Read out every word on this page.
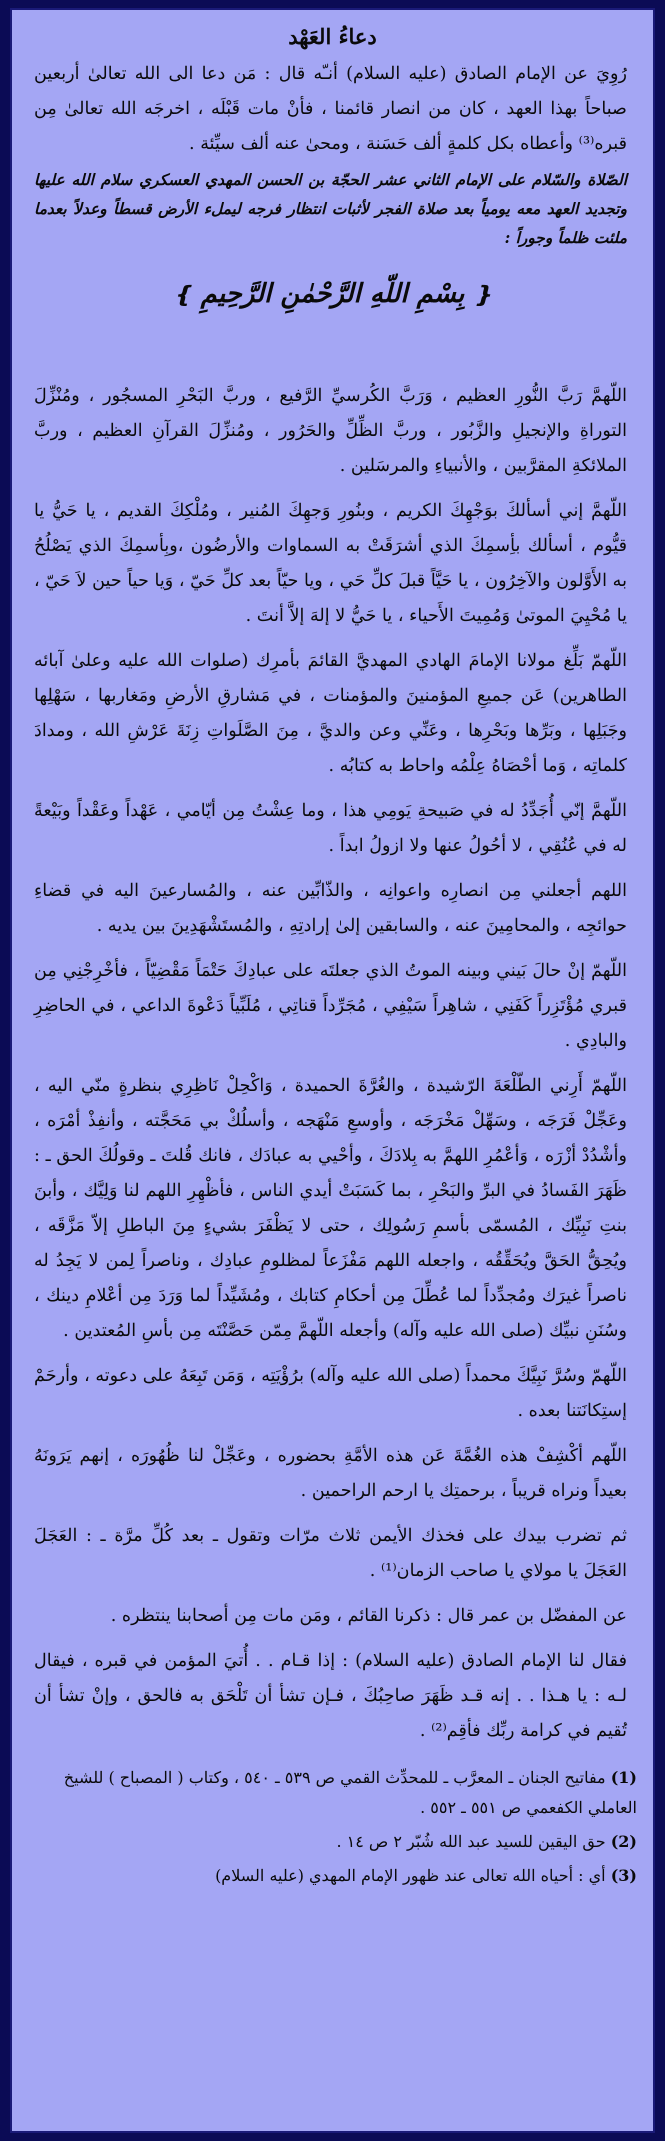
دعاءُ العَهْد

رُوِيَ عن الإمام الصادق (عليه السلام) أنـّه قال : مَن دعا الى الله تعالىٰ أربعين صباحاً بهذا العهد ، كان من انصار قائمنا ، فأنْ مات قَبْلَه ، اخرجَه الله تعالىٰ مِن قبره⁽³⁾ وأعطاه بكل كلمةٍ ألف حَسَنة ، ومحىٰ عنه ألف سيِّئة .

الصّلاة والسّلام على الإمام الثاني عشر الحجّة بن الحسن المهدي العسكري سلام الله عليها وتجديد العهد معه يومياً بعد صلاة الفجر لأثبات انتظار فرجه ليملء الأرض قسطاً وعدلاً بعدما ملئت ظلماً وجوراً :

❴ بِسْمِ اللّهِ الرَّحْمٰنِ الرَّحِيمِ ❵

اللّهمَّ رَبَّ النُّورِ العظيم ، وَرَبَّ الكُرسيِّ الرَّفيع ، وربَّ البَحْرِ المسجُور ، ومُنْزِّلَ التوراةِ والإنجيلِ والزَّبُور ، وربَّ الظِّلِّ والحَرُور ، ومُنزِّلَ القرآنِ العظيم ، وربَّ الملائكةِ المقرَّبين ، والأنبياءِ والمرسَلين .

اللّهمَّ إني أسألكَ بوَجْهِكَ الكريم ، وبنُورِ وَجهِكَ المُنير ، ومُلْكِكَ القديم ، يا حَيُّ يا قيُّوم ، أسألك بأِسمِكَ الذي أشرَقَتْ به السماوات والأرضُون ،وبِأسمِكَ الذي يَصْلُحُ به الأَوَّلون والآخِرُون ، يا حَيَّاً قبلَ كلِّ حَي ، ويا حيّاً بعد كلِّ حَيّ ، وَيا حياً حين لاَ حَيّ ، يا مُحْيِيَ الموتىٰ وَمُمِيتَ الأَحياء ، يا حَيُّ لا إلهَ إلاَّ أنتَ .

اللّهمّ بَلِّغ مولانا الإمامَ الهادي المهديَّ القائمَ بأمرِك (صلوات الله عليه وعلىٰ آبائه الطاهرين) عَن جميعِ المؤمنينَ والمؤمنات ، في مَشارقِ الأرضِ ومَغاربها ، سَهْلِها وجَبَلِها ، وبَرِّها وبَحْرِها ، وعَنِّي وعن والديَّ ، مِنَ الصَّلَواتِ زِنَةَ عَرْشِ الله ، ومدادَ كلماتِه ، وَما أحْصَاهُ عِلْمُه واحاط به كتابُه .

اللّهمَّ إنّي أُجَدِّدُ له في صَبيحةِ يَومِي هذا ، وما عِشْتُ مِن أيّامي ، عَهْداً وعَقْداً وبَيْعةً له في عُنُقِي ، لا أحُولُ عنها ولا ازولُ ابداً .

اللهم أجعلني مِن انصارِه واعوانِه ، والذّابِّين عنه ، والمُسارعينَ اليه في قضاءِ حوائجِه ، والمحامِينَ عنه ، والسابقين إلىٰ إرادتِهِ ، والمُستَشْهَدِينَ بين يديه .

اللّهمّ إنْ حالَ بَيني وبينه الموتُ الذي جعلتَه على عبادِكَ حَتْمَاً مَقْضِيّاً ، فأخْرِجْنِي مِن قبري مُؤْتَزِراً كَفَنِي ، شاهِراً سَيْفِي ، مُجَرِّداً قناتِي ، مُلَبِّياً دَعْوةَ الداعي ، في الحاضِرِ والبادِي .

اللّهمّ أَرِني الطّلْعَةَ الرّشيدة ، والغُرَّةَ الحميدة ، وَاكْحِلْ نَاظِرِي بنظرةٍ منّي اليه ، وعَجِّلْ فَرَجَه ، وسَهِّلْ مَخْرَجَه ، وأوسعِ مَنْهَجه ، وأسلُكْ بي مَحَجَّته ، وأنفِذْ أمْرَه ، وأشْدُدْ أزْرَه ، وَأعْمُرِ اللهمَّ به بِلادَكَ ، وأحْيي به عبادَك ، فانك قُلتَ ـ وقولُكَ الحق ـ : ظَهَرَ الفَسادُ في البرِّ والبَحْرِ ، بما كَسَبَتْ أيدي الناس ، فأظْهِرِ اللهم لنا وَلِيَّك ، وأبنَ بنتِ نَبِيِّك ، المُسمّى بأسمِ رَسُولِك ، حتى لا يَظْفَرَ بشيءٍ مِنَ الباطلِ إلاّ مَزَّقَه ، ويُحِقُّ الحَقَّ ويُحَقِّقُه ، واجعله اللهم مَفْزَعاً لمظلومِ عبادِك ، وناصراً لِمن لا يَجِدُ له ناصراً غيرَك ومُجدِّداً لما عُطِّلَ مِن أحكامِ كتابك ، ومُشَيِّداً لما وَرَدَ مِن أعْلامِ دينك ، وسُنَنِ نبيِّك (صلى الله عليه وآله) وأجعله اللّهمَّ مِمّن حَصَّنْتَه مِن بأسِ المُعتدين .

اللّهمّ وسُرَّ نَبِيَّكَ محمداً (صلى الله عليه وآله) برُؤْيَتِه ، وَمَن تَبِعَهُ على دعوته ، وأرحَمْ إستِكانَتنا بعده .

اللّهم أكْشِفْ هذه الغُمَّةَ عَن هذه الأمَّةِ بحضوره ، وعَجِّلْ لنا ظُهُورَه ، إنهم يَرَونَهُ بعيداً ونراه قريباً ، برحمتِك يا ارحم الراحمين .

ثم تضرب بيدك على فخذك الأيمن ثلاث مرّات وتقول ـ بعد كُلِّ مرَّة ـ : العَجَلَ العَجَلَ يا مولاي يا صاحب الزمان⁽¹⁾ .

عن المفضّل بن عمر قال : ذكرنا القائم ، ومَن مات مِن أصحابنا ينتظره .

فقال لنا الإمام الصادق (عليه السلام) : إذا قـام . . أُتيَ المؤمن في قبره ، فيقال لـه : يا هـذا . . إنه قـد ظَهَرَ صاحِبُكَ ، فـإن تشأ أن تَلْحَق به فالحق ، وإنْ تشأ أن تُقيم في كرامة ربِّك فأقِم⁽²⁾ .

(1) مفاتيح الجنان ـ المعرَّب ـ للمحدِّث القمي ص ٥٣٩ ـ ٥٤٠ ، وكتاب ( المصباح ) للشيخ العاملي الكفعمي ص ٥٥١ ـ ٥٥٢ .

(2) حق اليقين للسيد عبد الله شُبّر ٢ ص ١٤ .

(3) أي : أحياه الله تعالى عند ظهور الإمام المهدي (عليه السلام)
